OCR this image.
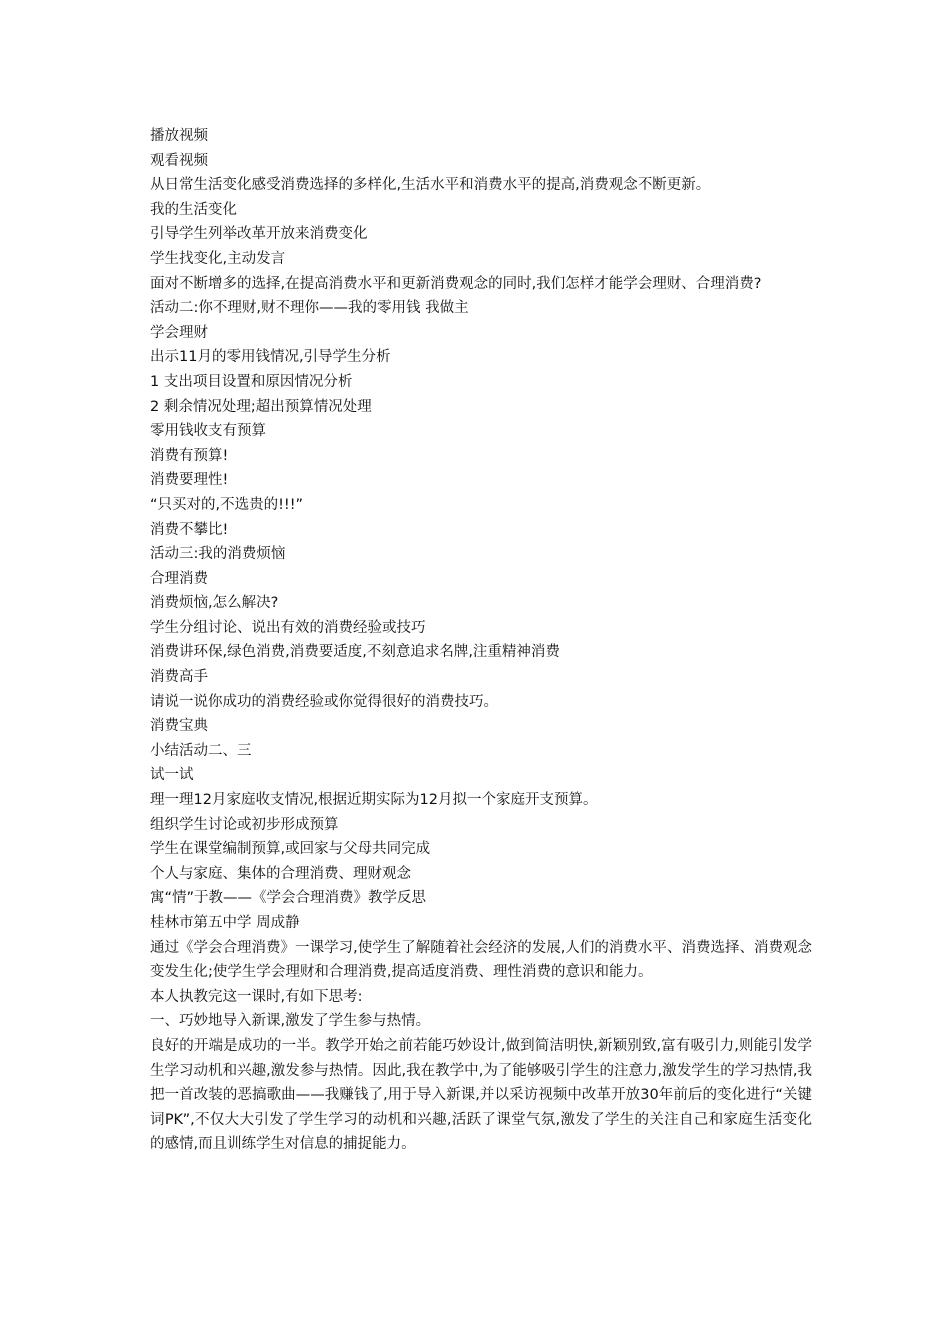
播放视频
观看视频
从日常生活变化感受消费选择的多样化,生活水平和消费水平的提高,消费观念不断更新。
我的生活变化
引导学生列举改革开放来消费变化
学生找变化,主动发言
面对不断增多的选择,在提高消费水平和更新消费观念的同时,我们怎样才能学会理财、合理消费?
活动二:你不理财,财不理你——我的零用钱 我做主
学会理财
出示11月的零用钱情况,引导学生分析
1 支出项目设置和原因情况分析
2 剩余情况处理;超出预算情况处理
零用钱收支有预算
消费有预算!
消费要理性!
“只买对的,不选贵的!!!”
消费不攀比!
活动三:我的消费烦恼
合理消费
消费烦恼,怎么解决?
学生分组讨论、说出有效的消费经验或技巧
消费讲环保,绿色消费,消费要适度,不刻意追求名牌,注重精神消费
消费高手
请说一说你成功的消费经验或你觉得很好的消费技巧。
消费宝典
小结活动二、三
试一试
理一理12月家庭收支情况,根据近期实际为12月拟一个家庭开支预算。
组织学生讨论或初步形成预算
学生在课堂编制预算,或回家与父母共同完成
个人与家庭、集体的合理消费、理财观念
寓“情”于教——《学会合理消费》教学反思
桂林市第五中学 周成静
通过《学会合理消费》一课学习,使学生了解随着社会经济的发展,人们的消费水平、消费选择、消费观念变发生化;使学生学会理财和合理消费,提高适度消费、理性消费的意识和能力。
本人执教完这一课时,有如下思考:
一、巧妙地导入新课,激发了学生参与热情。
良好的开端是成功的一半。教学开始之前若能巧妙设计,做到简洁明快,新颖别致,富有吸引力,则能引发学生学习动机和兴趣,激发参与热情。因此,我在教学中,为了能够吸引学生的注意力,激发学生的学习热情,我把一首改装的恶搞歌曲——我赚钱了,用于导入新课,并以采访视频中改革开放30年前后的变化进行“关键词PK”,不仅大大引发了学生学习的动机和兴趣,活跃了课堂气氛,激发了学生的关注自己和家庭生活变化的感情,而且训练学生对信息的捕捉能力。
